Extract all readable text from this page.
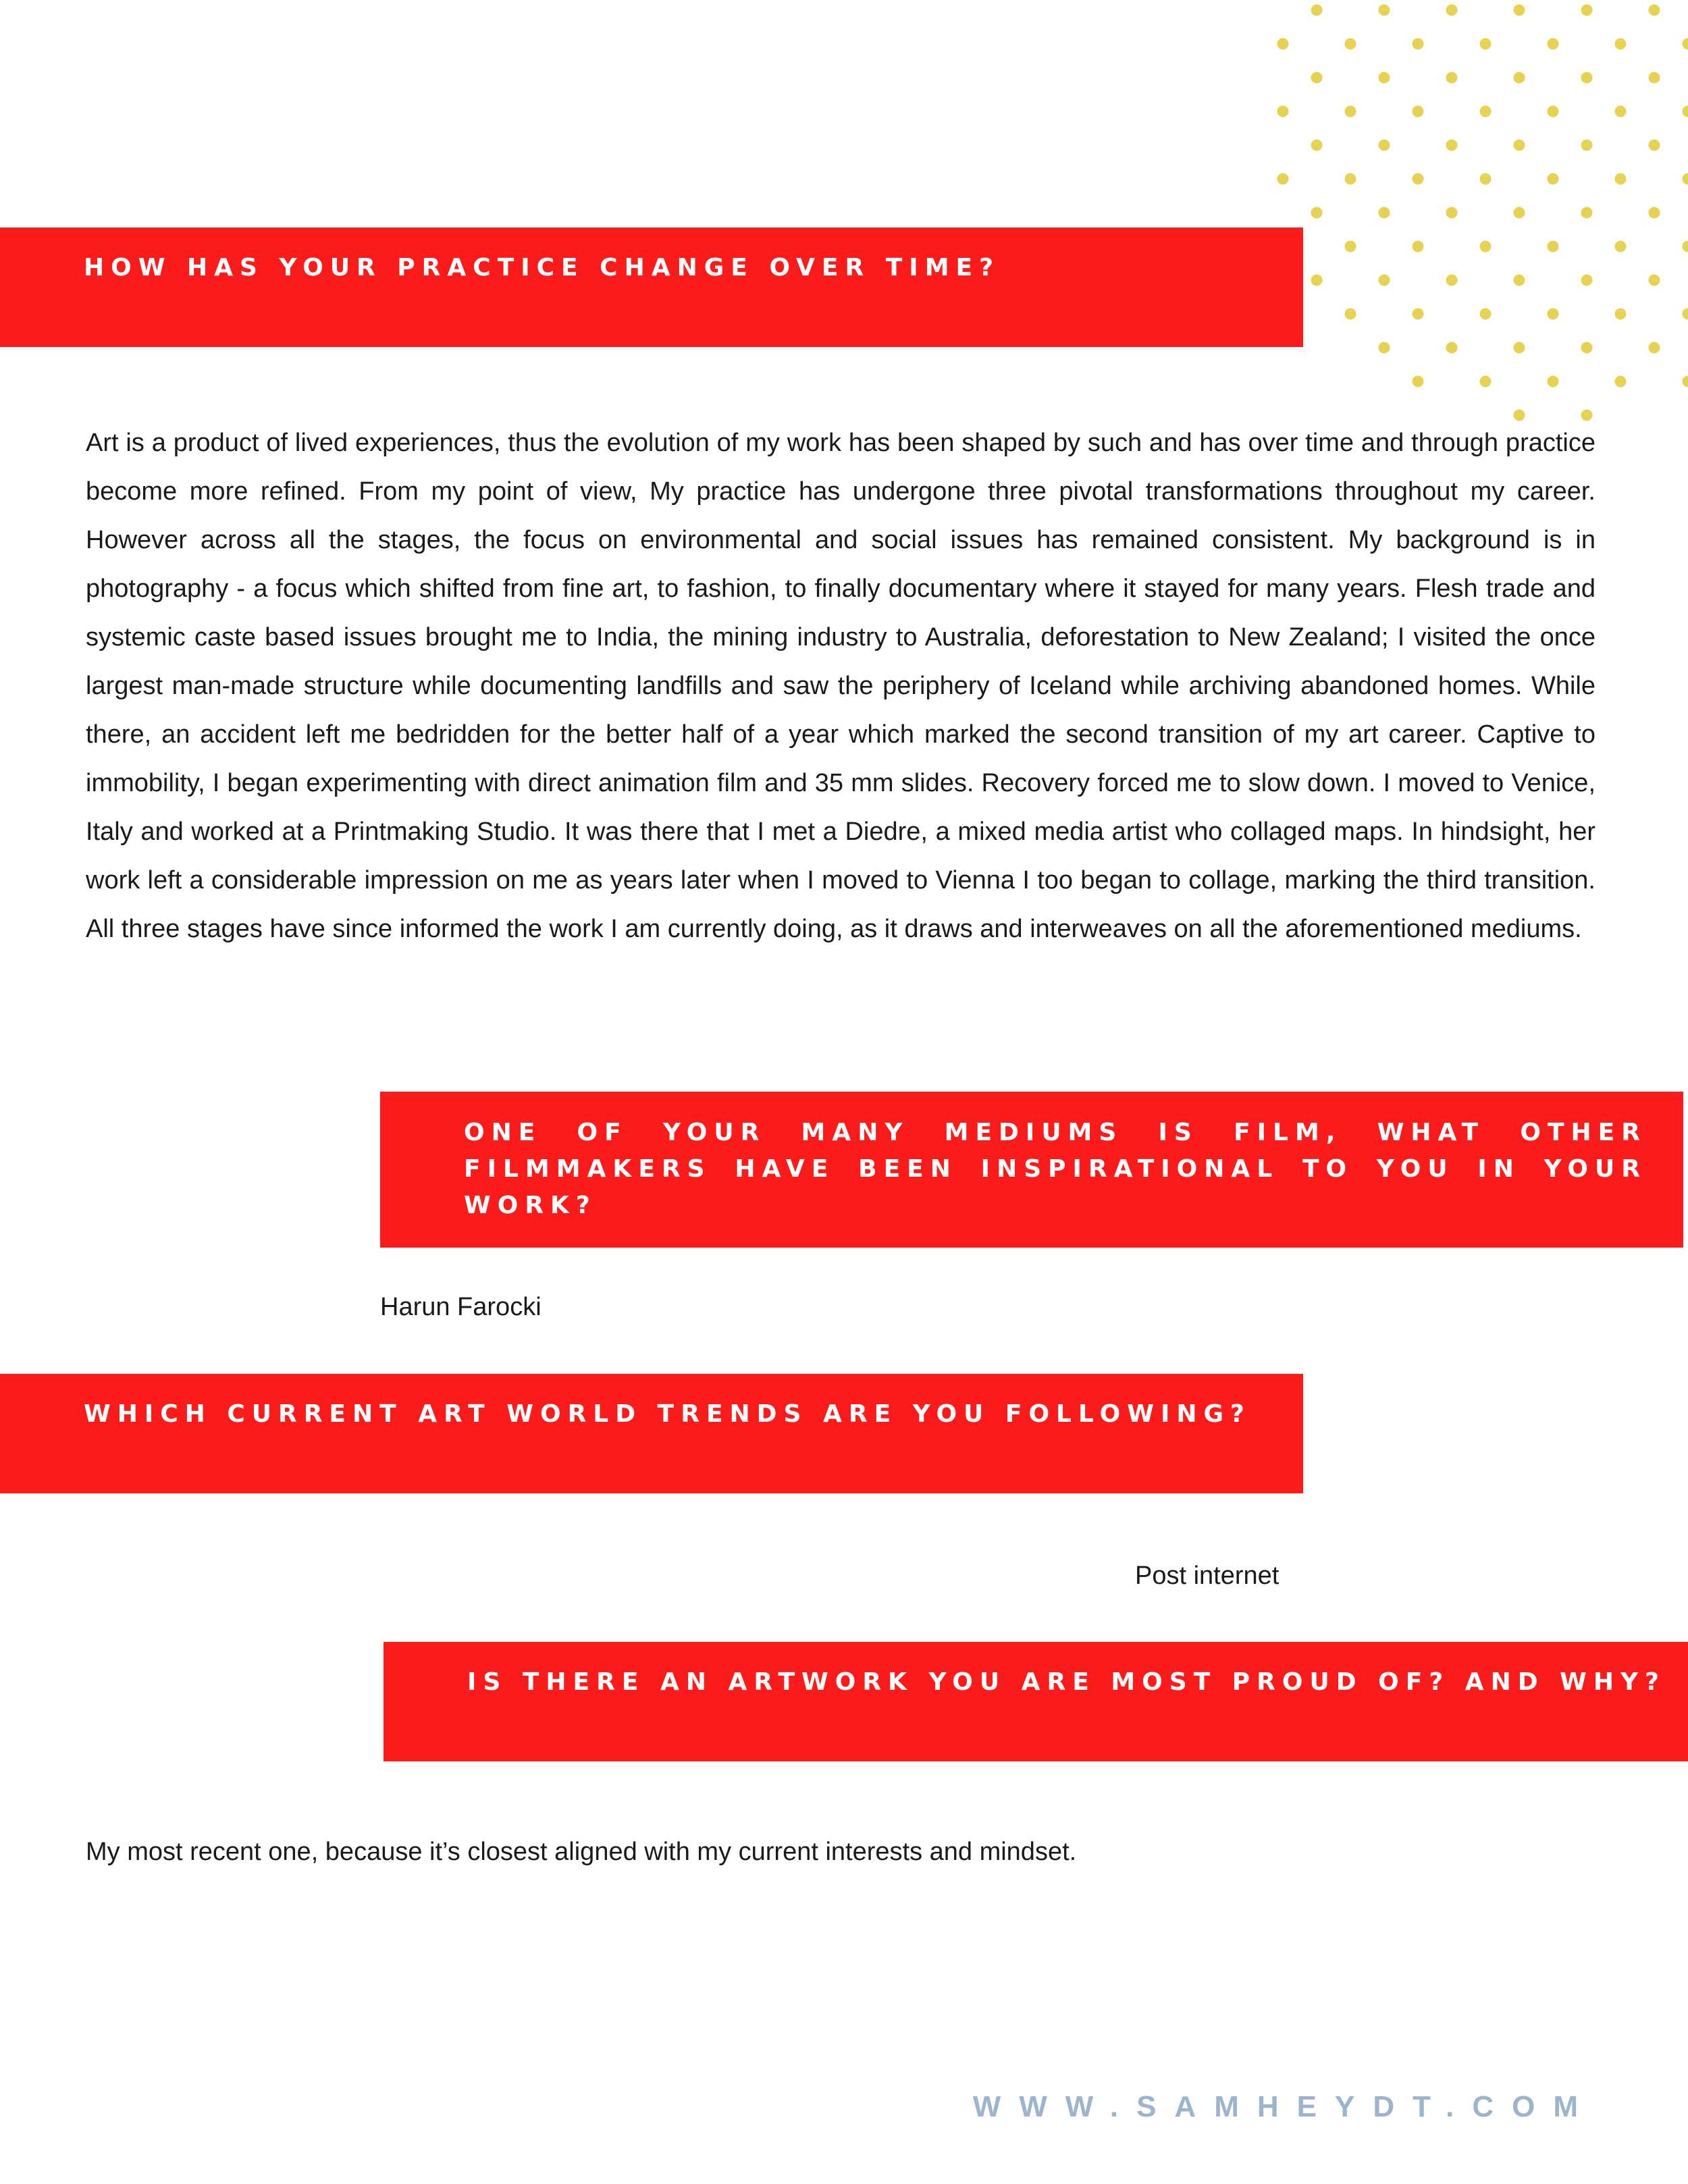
HOW HAS YOUR PRACTICE CHANGE OVER TIME?

Art is a product of lived experiences, thus the evolution of my work has been shaped by such and has over time and through practice become more refined. From my point of view, My practice has undergone three pivotal transformations throughout my career. However across all the stages, the focus on environmental and social issues has remained consistent. My background is in photography - a focus which shifted from fine art, to fashion, to finally documentary where it stayed for many years. Flesh trade and systemic caste based issues brought me to India, the mining industry to Australia, deforestation to New Zealand; I visited the once largest man-made structure while documenting landfills and saw the periphery of Iceland while archiving abandoned homes. While there, an accident left me bedridden for the better half of a year which marked the second transition of my art career. Captive to immobility, I began experimenting with direct animation film and 35 mm slides. Recovery forced me to slow down. I moved to Venice, Italy and worked at a Printmaking Studio. It was there that I met a Diedre, a mixed media artist who collaged maps. In hindsight, her work left a considerable impression on me as years later when I moved to Vienna I too began to collage, marking the third transition. All three stages have since informed the work I am currently doing, as it draws and interweaves on all the aforementioned mediums.

ONE OF YOUR MANY MEDIUMS IS FILM, WHAT OTHER FILMMAKERS HAVE BEEN INSPIRATIONAL TO YOU IN YOUR WORK?

Harun Farocki

WHICH CURRENT ART WORLD TRENDS ARE YOU FOLLOWING?

Post internet

IS THERE AN ARTWORK YOU ARE MOST PROUD OF? AND WHY?

My most recent one, because it’s closest aligned with my current interests and mindset.

WWW.SAMHEYDT.COM
